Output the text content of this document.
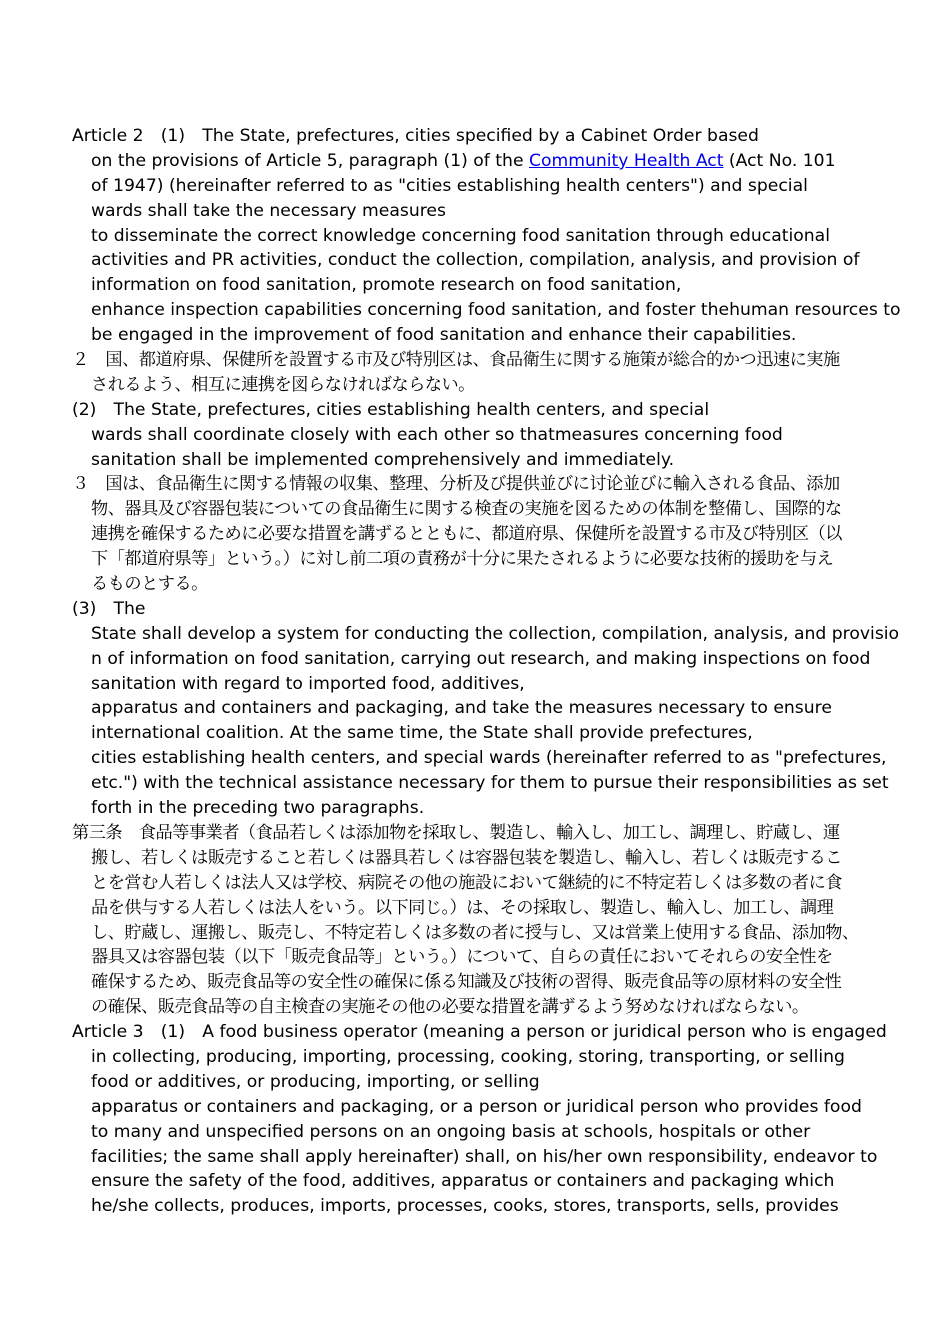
Article 2　(1)　The State, prefectures, cities specified by a Cabinet Order based
on the provisions of Article 5, paragraph (1) of the Community Health Act (Act No. 101
of 1947) (hereinafter referred to as "cities establishing health centers") and special
wards shall take the necessary measures
to disseminate the correct knowledge concerning food sanitation through educational
activities and PR activities, conduct the collection, compilation, analysis, and provision of
information on food sanitation, promote research on food sanitation,
enhance inspection capabilities concerning food sanitation, and foster thehuman resources to
be engaged in the improvement of food sanitation and enhance their capabilities.
２　国、都道府県、保健所を設置する市及び特別区は、食品衛生に関する施策が総合的かつ迅速に実施
されるよう、相互に連携を図らなければならない。
(2)　The State, prefectures, cities establishing health centers, and special
wards shall coordinate closely with each other so thatmeasures concerning food
sanitation shall be implemented comprehensively and immediately.
３　国は、食品衛生に関する情報の収集、整理、分析及び提供並びに讨论並びに輸入される食品、添加
物、器具及び容器包装についての食品衛生に関する検査の実施を図るための体制を整備し、国際的な
連携を確保するために必要な措置を講ずるとともに、都道府県、保健所を設置する市及び特別区（以
下「都道府県等」という。）に対し前二項の責務が十分に果たされるように必要な技術的援助を与え
るものとする。
(3)　The
State shall develop a system for conducting the collection, compilation, analysis, and provisio
n of information on food sanitation, carrying out research, and making inspections on food
sanitation with regard to imported food, additives,
apparatus and containers and packaging, and take the measures necessary to ensure
international coalition. At the same time, the State shall provide prefectures,
cities establishing health centers, and special wards (hereinafter referred to as "prefectures,
etc.") with the technical assistance necessary for them to pursue their responsibilities as set
forth in the preceding two paragraphs.
第三条　食品等事業者（食品若しくは添加物を採取し、製造し、輸入し、加工し、調理し、貯蔵し、運
搬し、若しくは販売すること若しくは器具若しくは容器包装を製造し、輸入し、若しくは販売するこ
とを営む人若しくは法人又は学校、病院その他の施設において継続的に不特定若しくは多数の者に食
品を供与する人若しくは法人をいう。以下同じ。）は、その採取し、製造し、輸入し、加工し、調理
し、貯蔵し、運搬し、販売し、不特定若しくは多数の者に授与し、又は営業上使用する食品、添加物、
器具又は容器包装（以下「販売食品等」という。）について、自らの責任においてそれらの安全性を
確保するため、販売食品等の安全性の確保に係る知識及び技術の習得、販売食品等の原材料の安全性
の確保、販売食品等の自主検査の実施その他の必要な措置を講ずるよう努めなければならない。
Article 3　(1)　A food business operator (meaning a person or juridical person who is engaged
in collecting, producing, importing, processing, cooking, storing, transporting, or selling
food or additives, or producing, importing, or selling
apparatus or containers and packaging, or a person or juridical person who provides food
to many and unspecified persons on an ongoing basis at schools, hospitals or other
facilities; the same shall apply hereinafter) shall, on his/her own responsibility, endeavor to
ensure the safety of the food, additives, apparatus or containers and packaging which
he/she collects, produces, imports, processes, cooks, stores, transports, sells, provides
